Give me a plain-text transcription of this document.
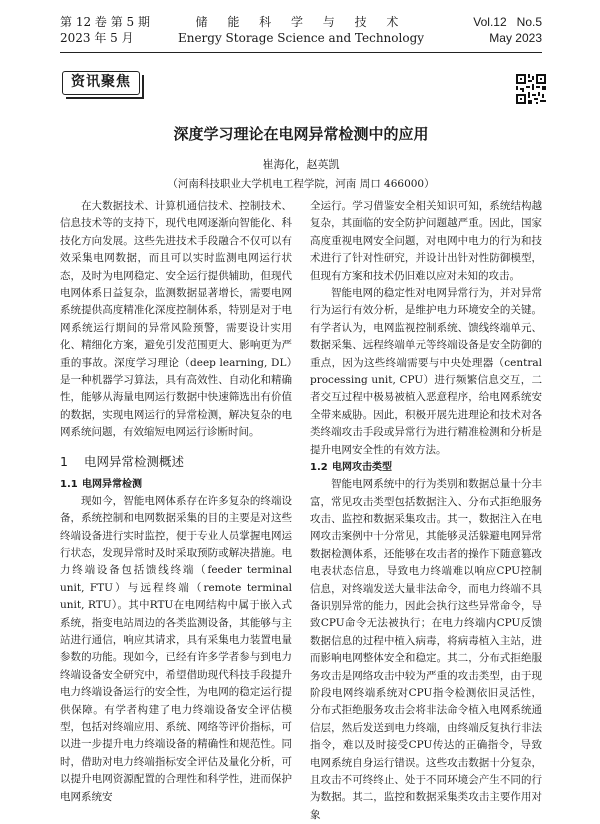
第 12 卷 第 5 期
2023 年 5 月
储 能 科 学 与 技 术
Energy Storage Science and Technology
Vol.12   No.5
May 2023
资讯聚焦
深度学习理论在电网异常检测中的应用
崔海化，赵英凯
（河南科技职业大学机电工程学院，河南 周口 466000）

在大数据技术、计算机通信技术、控制技术、信息技术等的支持下，现代电网逐渐向智能化、科技化方向发展。这些先进技术手段融合不仅可以有效采集电网数据，而且可以实时监测电网运行状态，及时为电网稳定、安全运行提供辅助，但现代电网体系日益复杂，监测数据显著增长，需要电网系统提供高度精准化深度控制体系，特别是对于电网系统运行期间的异常风险预警，需要设计实用化、精细化方案，避免引发范围更大、影响更为严重的事故。深度学习理论（deep learning, DL）是一种机器学习算法，具有高效性、自动化和精确性，能够从海量电网运行数据中快速筛选出有价值的数据，实现电网运行的异常检测，解决复杂的电网系统问题，有效缩短电网运行诊断时间。

1 电网异常检测概述
1.1 电网异常检测

现如今，智能电网体系存在许多复杂的终端设备，系统控制和电网数据采集的目的主要是对这些终端设备进行实时监控，便于专业人员掌握电网运行状态，发现异常时及时采取预防或解决措施。电力终端设备包括馈线终端（feeder terminal unit, FTU）与远程终端（remote terminal unit, RTU）。其中RTU在电网结构中属于嵌入式系统，指变电站周边的各类监测设备，其能够与主站进行通信，响应其请求，具有采集电力装置电量参数的功能。现如今，已经有许多学者参与到电力终端设备安全研究中，希望借助现代科技手段提升电力终端设备运行的安全性，为电网的稳定运行提供保障。有学者构建了电力终端设备安全评估模型，包括对终端应用、系统、网络等评价指标，可以进一步提升电力终端设备的精确性和规范性。同时，借助对电力终端指标安全评估及量化分析，可以提升电网资源配置的合理性和科学性，进而保护电网系统安

全运行。学习借鉴安全相关知识可知，系统结构越复杂，其面临的安全防护问题越严重。因此，国家高度重视电网安全问题，对电网中电力的行为和技术进行了针对性研究，并设计出针对性防御模型，但现有方案和技术仍旧难以应对未知的攻击。

智能电网的稳定性对电网异常行为，并对异常行为运行有效分析，是维护电力环境安全的关键。有学者认为，电网监视控制系统、馈线终端单元、数据采集、远程终端单元等终端设备是安全防御的重点，因为这些终端需要与中央处理器（central processing unit, CPU）进行频繁信息交互，二者交互过程中极易被植入恶意程序，给电网系统安全带来威胁。因此，积极开展先进理论和技术对各类终端攻击手段或异常行为进行精准检测和分析是提升电网安全性的有效方法。

1.2 电网攻击类型

智能电网系统中的行为类别和数据总量十分丰富，常见攻击类型包括数据注入、分布式拒绝服务攻击、监控和数据采集攻击。其一，数据注入在电网攻击案例中十分常见，其能够灵活躲避电网异常数据检测体系，还能够在攻击者的操作下随意篡改电表状态信息，导致电力终端难以响应CPU控制信息，对终端发送大量非法命令，而电力终端不具备识别异常的能力，因此会执行这些异常命令，导致CPU命令无法被执行；在电力终端内CPU反馈数据信息的过程中植入病毒，将病毒植入主站，进而影响电网整体安全和稳定。其二，分布式拒绝服务攻击是网络攻击中较为严重的攻击类型，由于现阶段电网终端系统对CPU指令检测依旧灵活性，分布式拒绝服务攻击会将非法命令植入电网系统通信层，然后发送到电力终端，由终端反复执行非法指令，难以及时接受CPU传达的正确指令，导致电网系统自身运行错误。这些攻击数据十分复杂，且攻击不可终终止、处于不同环境会产生不同的行为数据。其二，监控和数据采集类攻击主要作用对象
